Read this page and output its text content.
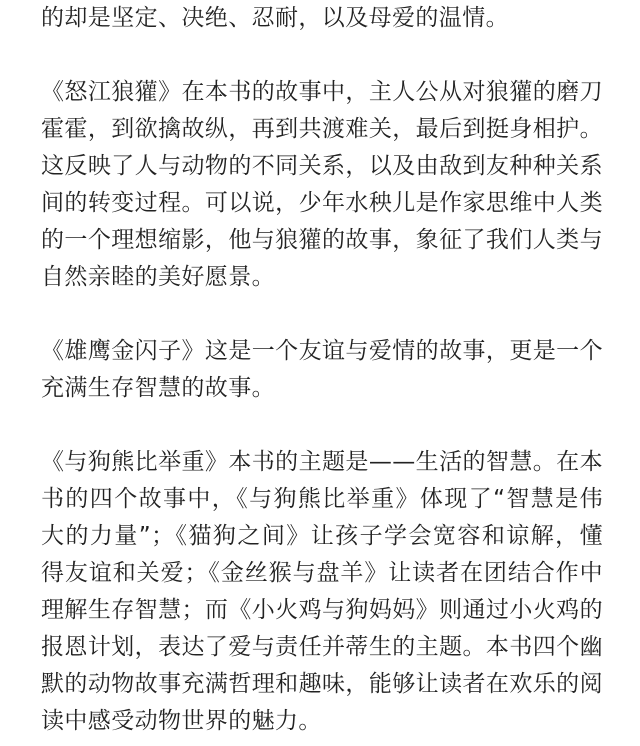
的却是坚定、决绝、忍耐，以及母爱的温情。

《怒江狼獾》在本书的故事中，主人公从对狼獾的磨刀霍霍，到欲擒故纵，再到共渡难关，最后到挺身相护。这反映了人与动物的不同关系，以及由敌到友种种关系间的转变过程。可以说，少年水秧儿是作家思维中人类的一个理想缩影，他与狼獾的故事，象征了我们人类与自然亲睦的美好愿景。

《雄鹰金闪子》这是一个友谊与爱情的故事，更是一个充满生存智慧的故事。

《与狗熊比举重》本书的主题是——生活的智慧。在本书的四个故事中，《与狗熊比举重》体现了“智慧是伟大的力量”；《猫狗之间》让孩子学会宽容和谅解，懂得友谊和关爱；《金丝猴与盘羊》让读者在团结合作中理解生存智慧；而《小火鸡与狗妈妈》则通过小火鸡的报恩计划，表达了爱与责任并蒂生的主题。本书四个幽默的动物故事充满哲理和趣味，能够让读者在欢乐的阅读中感受动物世界的魅力。
